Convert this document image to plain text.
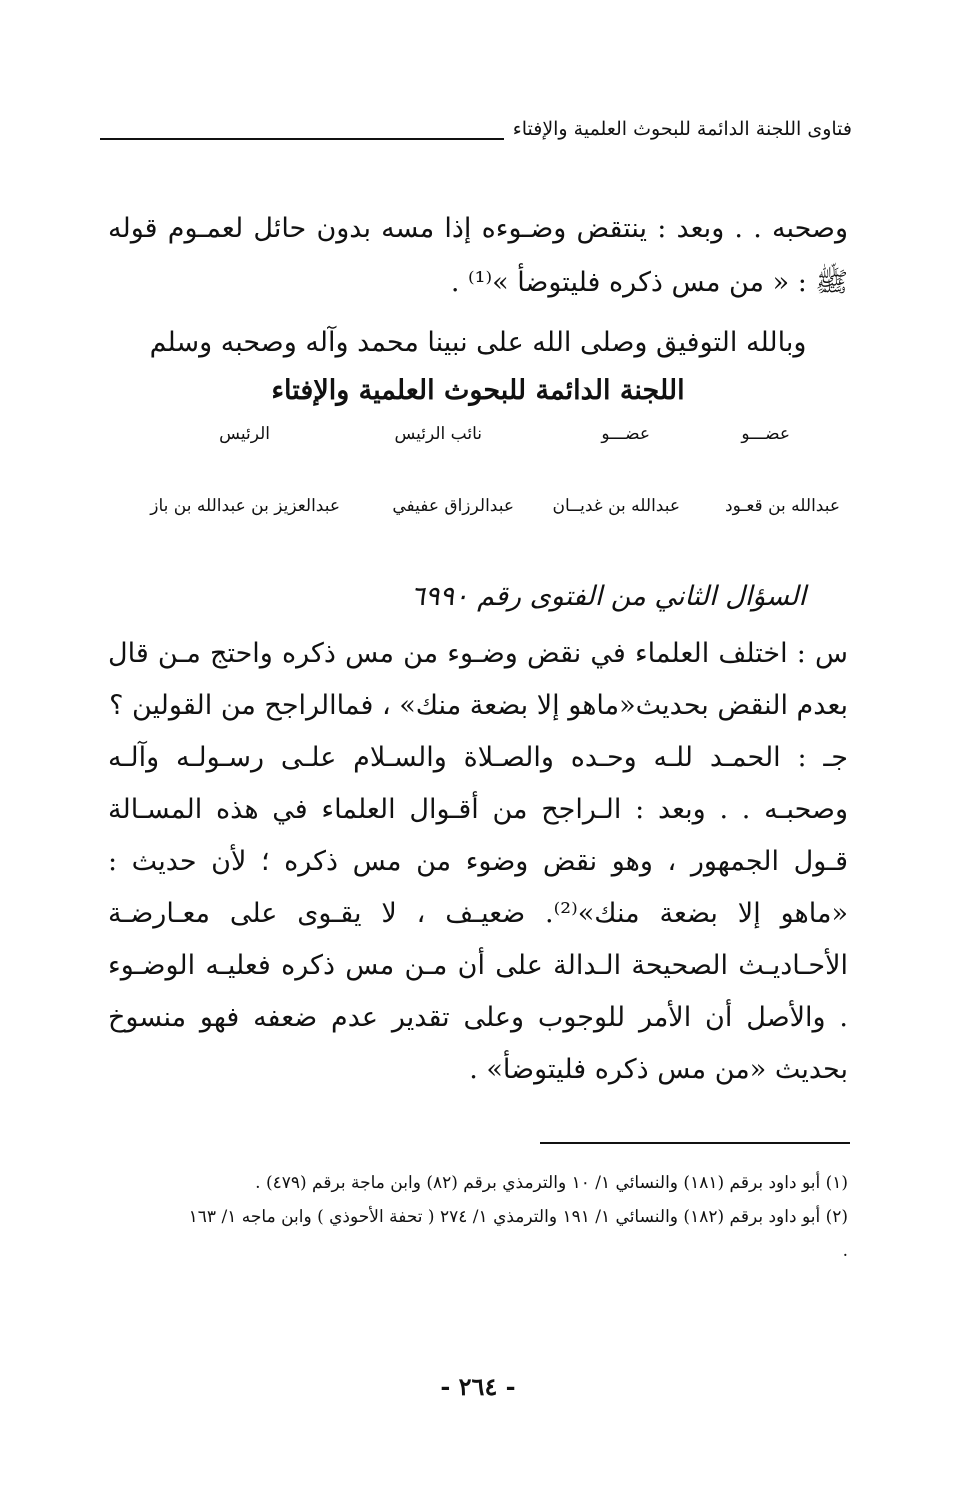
فتاوى اللجنة الدائمة للبحوث العلمية والإفتاء
وصحبه . . وبعد : ينتقض وضـوءه إذا مسه بدون حائل لعمـوم قوله ﷺ : « من مس ذكره فليتوضأ »⁽¹⁾ .
وبالله التوفيق وصلى الله على نبينا محمد وآله وصحبه وسلم
اللجنة الدائمة للبحوث العلمية والإفتاء
عضـــو
عضـــو
نائب الرئيس
الرئيس
عبدالله بن قعـود
عبدالله بن غديــان
عبدالرزاق عفيفي
عبدالعزيز بن عبدالله بن باز
السؤال الثاني من الفتوى رقم ٦٩٩٠

س : اختلف العلماء في نقض وضـوء من مس ذكره واحتج مـن قال بعدم النقض بحديث«ماهو إلا بضعة منك» ، فماالراجح من القولين ؟

جـ : الحمـد للـه وحـده والصـلاة والسـلام علـى رسـولـه وآلـه وصحبـه . . وبعد : الـراجح من أقـوال العلماء في هذه المسـالة قـول الجمهور ، وهو نقض وضوء من مس ذكره ؛ لأن حديث : «ماهو إلا بضعة منك»⁽²⁾. ضعيـف ، لا يقـوى على معـارضـة الأحـاديـث الصحيحة الـدالة على أن مـن مس ذكره فعليـه الوضـوء . والأصل أن الأمر للوجوب وعلى تقدير عدم ضعفه فهو منسوخ بحديث «من مس ذكره فليتوضأ» .

(١) أبو داود برقم (١٨١) والنسائي ١/ ١٠ والترمذي برقم (٨٢) وابن ماجة برقم (٤٧٩) .

(٢) أبو داود برقم (١٨٢) والنسائي ١/ ١٩١ والترمذي ١/ ٢٧٤ ( تحفة الأحوذي ) وابن ماجه ١/ ١٦٣ .

- ٢٦٤ -
